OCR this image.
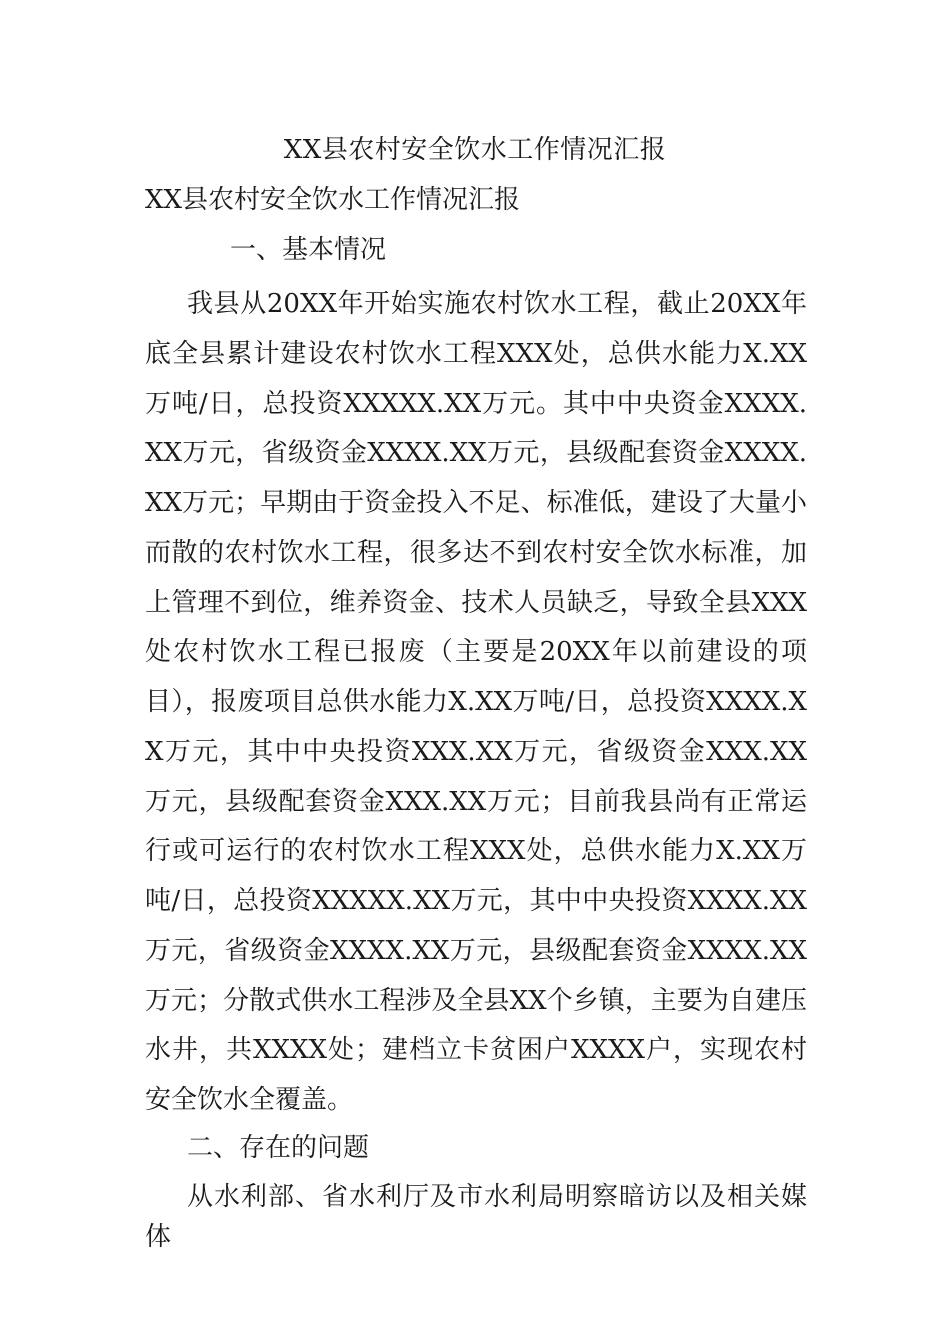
XX县农村安全饮水工作情况汇报
XX县农村安全饮水工作情况汇报
一、基本情况
我县从20XX年开始实施农村饮水工程，截止20XX年底全县累计建设农村饮水工程XXX处，总供水能力X.XX万吨/日，总投资XXXXX.XX万元。其中中央资金XXXX.XX万元，省级资金XXXX.XX万元，县级配套资金XXXX.XX万元；早期由于资金投入不足、标准低，建设了大量小而散的农村饮水工程，很多达不到农村安全饮水标准，加上管理不到位，维养资金、技术人员缺乏，导致全县XXX处农村饮水工程已报废（主要是20XX年以前建设的项目），报废项目总供水能力X.XX万吨/日，总投资XXXX.XX万元，其中中央投资XXX.XX万元，省级资金XXX.XX万元，县级配套资金XXX.XX万元；目前我县尚有正常运行或可运行的农村饮水工程XXX处，总供水能力X.XX万吨/日，总投资XXXXX.XX万元，其中中央投资XXXX.XX万元，省级资金XXXX.XX万元，县级配套资金XXXX.XX万元；分散式供水工程涉及全县XX个乡镇，主要为自建压水井，共XXXX处；建档立卡贫困户XXXX户，实现农村安全饮水全覆盖。
二、存在的问题
从水利部、省水利厅及市水利局明察暗访以及相关媒体
